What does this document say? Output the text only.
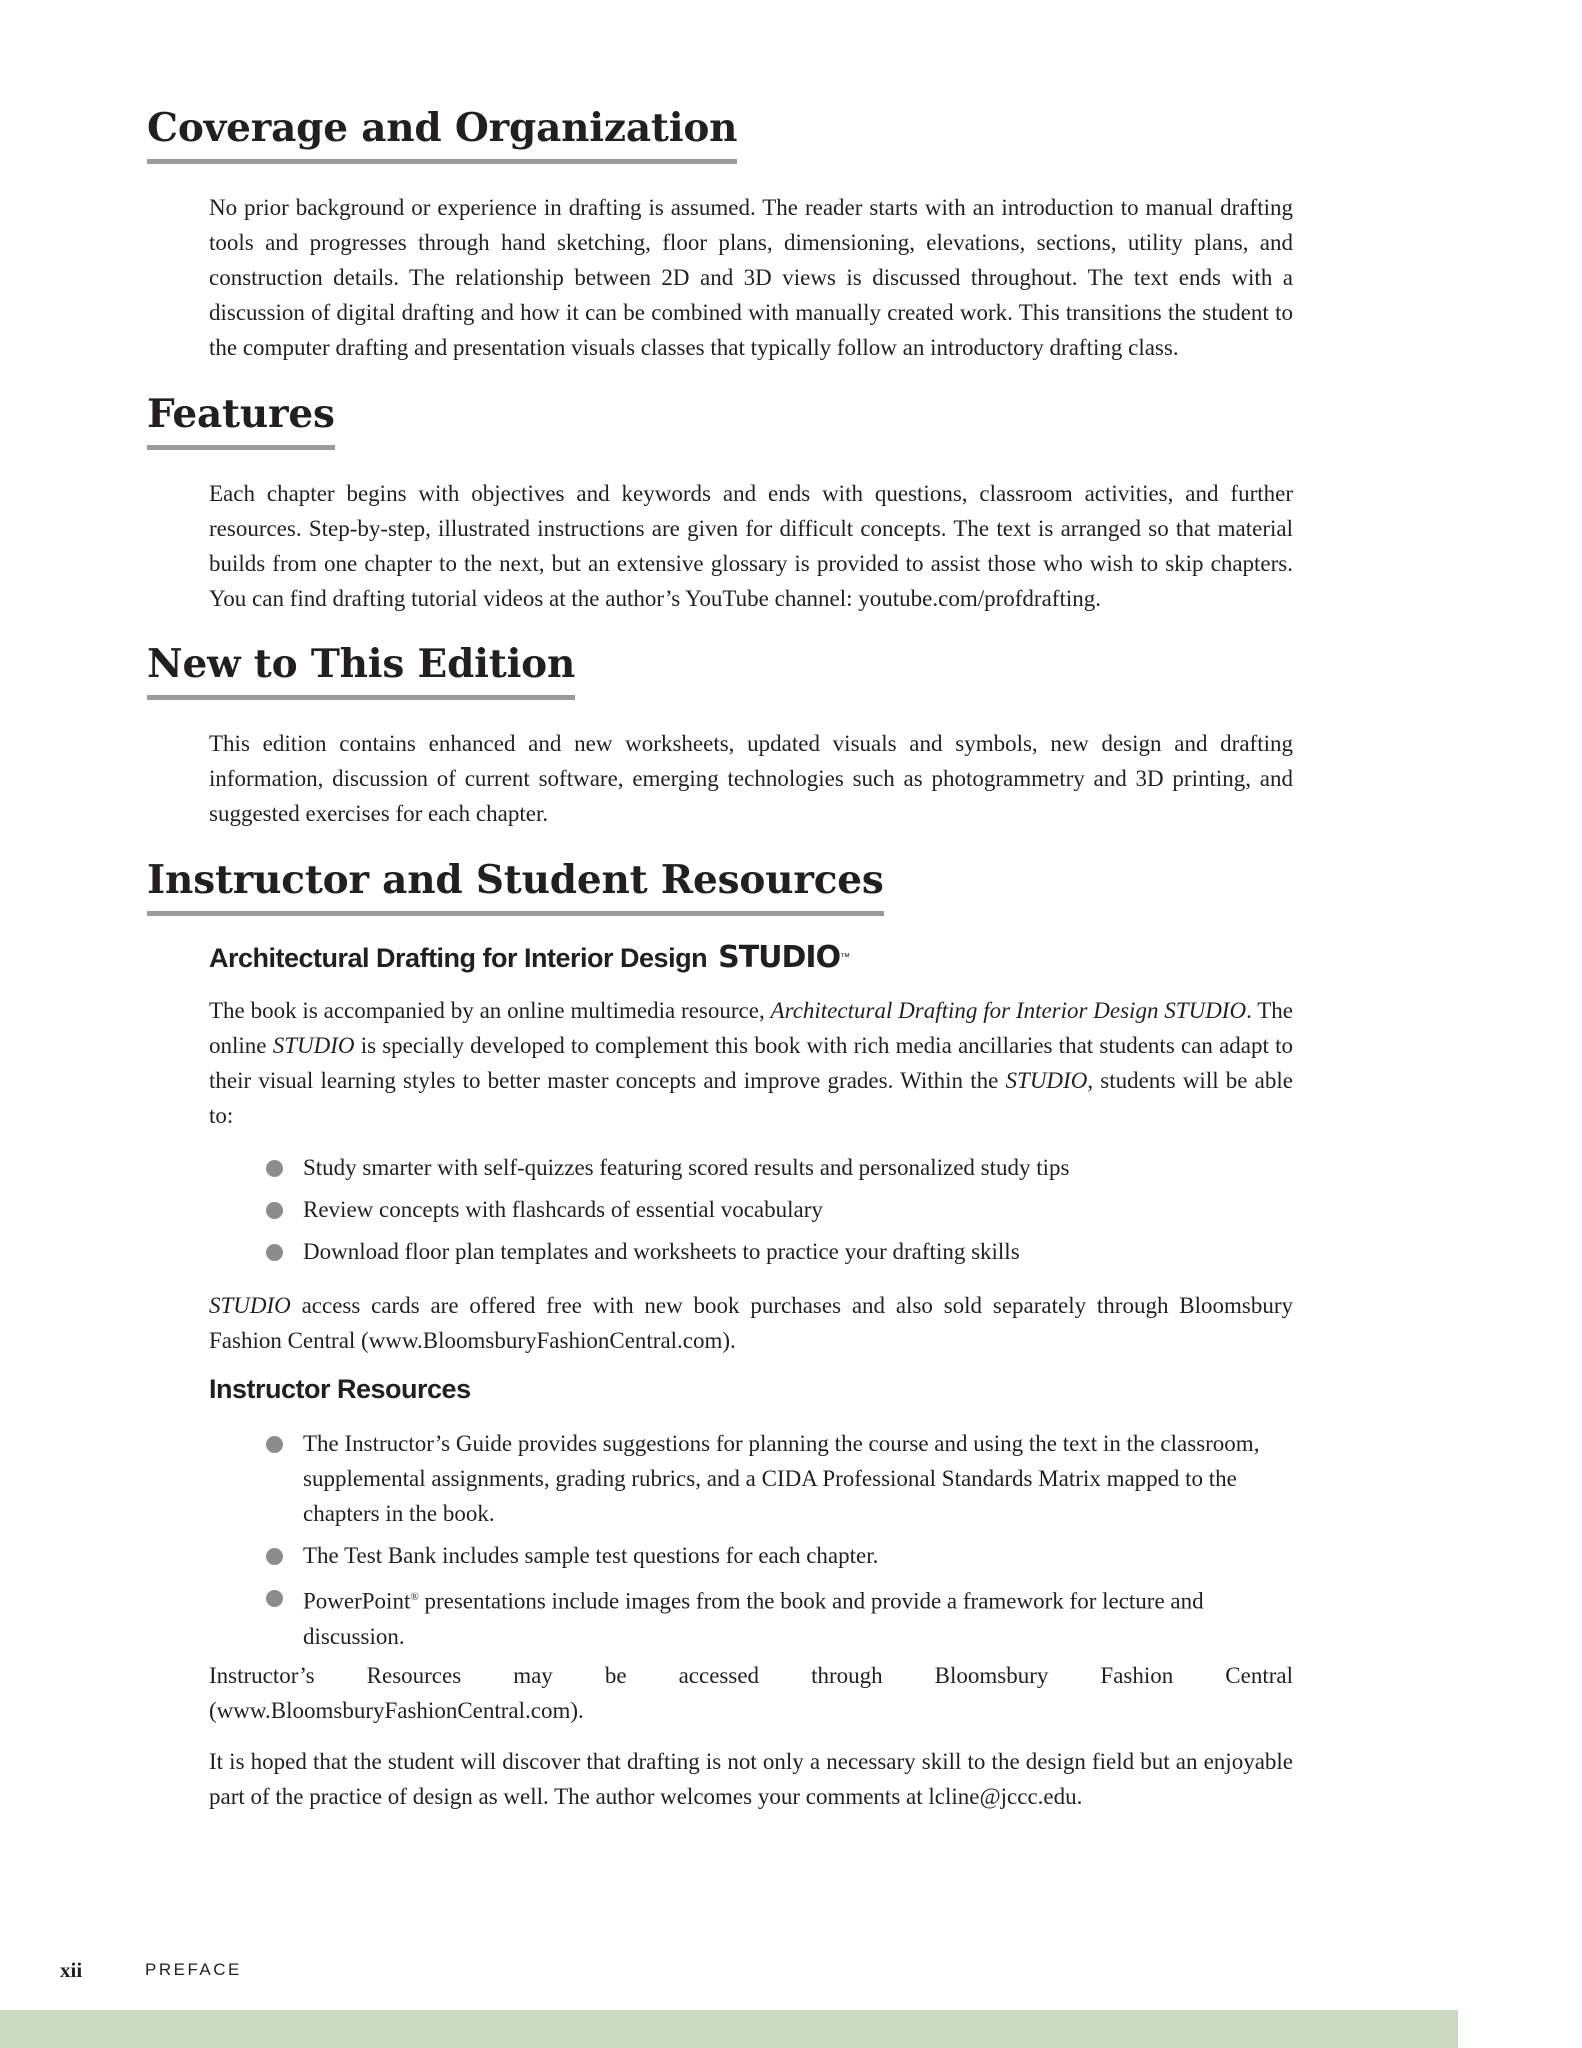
Coverage and Organization

No prior background or experience in drafting is assumed. The reader starts with an introduction to manual drafting tools and progresses through hand sketching, floor plans, dimensioning, elevations, sections, utility plans, and construction details. The relationship between 2D and 3D views is discussed throughout. The text ends with a discussion of digital drafting and how it can be combined with manually created work. This transitions the student to the computer drafting and presentation visuals classes that typically follow an introductory drafting class.

Features

Each chapter begins with objectives and keywords and ends with questions, classroom activities, and further resources. Step-by-step, illustrated instructions are given for difficult concepts. The text is arranged so that material builds from one chapter to the next, but an extensive glossary is provided to assist those who wish to skip chapters. You can find drafting tutorial videos at the author’s YouTube channel: youtube.com/profdrafting.

New to This Edition

This edition contains enhanced and new worksheets, updated visuals and symbols, new design and drafting information, discussion of current software, emerging technologies such as photogrammetry and 3D printing, and suggested exercises for each chapter.

Instructor and Student Resources
Architectural Drafting for Interior Design STUDIO™

The book is accompanied by an online multimedia resource, Architectural Drafting for Interior Design STUDIO. The online STUDIO is specially developed to complement this book with rich media ancillaries that students can adapt to their visual learning styles to better master concepts and improve grades. Within the STUDIO, students will be able to:

Study smarter with self-quizzes featuring scored results and personalized study tips
Review concepts with flashcards of essential vocabulary
Download floor plan templates and worksheets to practice your drafting skills

STUDIO access cards are offered free with new book purchases and also sold separately through Bloomsbury Fashion Central (www.BloomsburyFashionCentral.com).

Instructor Resources
The Instructor’s Guide provides suggestions for planning the course and using the text in the classroom, supplemental assignments, grading rubrics, and a CIDA Professional Standards Matrix mapped to the chapters in the book.
The Test Bank includes sample test questions for each chapter.
PowerPoint® presentations include images from the book and provide a framework for lecture and discussion.

Instructor’s Resources may be accessed through Bloomsbury Fashion Central (www.BloomsburyFashionCentral.com).

It is hoped that the student will discover that drafting is not only a necessary skill to the design field but an enjoyable part of the practice of design as well. The author welcomes your comments at lcline@jccc.edu.

xii	PREFACE
